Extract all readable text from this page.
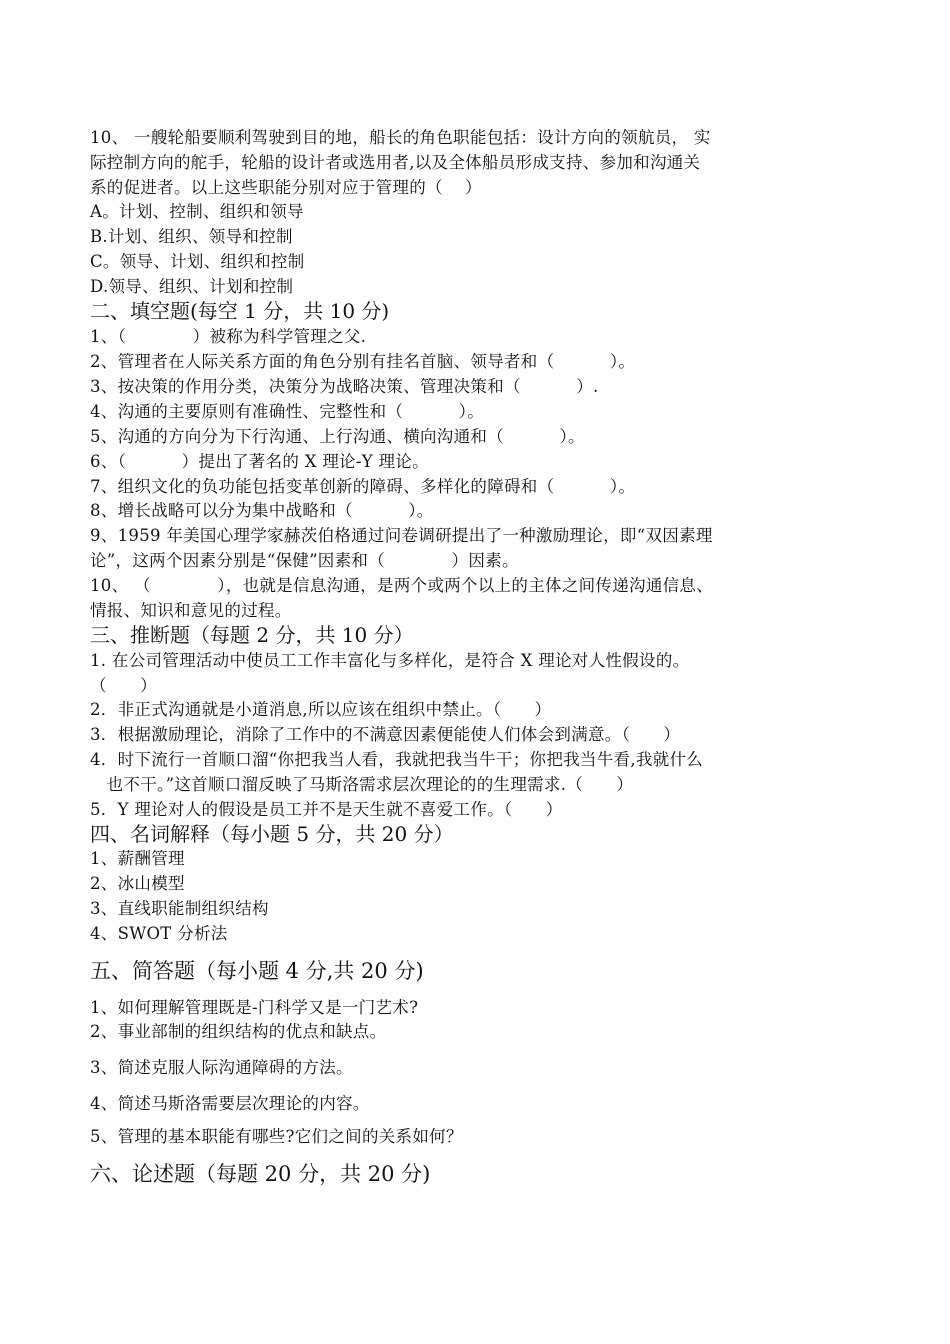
10、 一艘轮船要顺利驾驶到目的地，船长的角色职能包括：设计方向的领航员， 实
际控制方向的舵手，轮船的设计者或选用者,以及全体船员形成支持、参加和沟通关
系的促进者。以上这些职能分别对应于管理的（    ）
A。计划、控制、组织和领导
B.计划、组织、领导和控制
C。领导、计划、组织和控制
D.领导、组织、计划和控制
二、填空题(每空 1 分，共 10 分)
1、（            ）被称为科学管理之父.
2、管理者在人际关系方面的角色分别有挂名首脑、领导者和（          ）。
3、按决策的作用分类，决策分为战略决策、管理决策和（          ）.
4、沟通的主要原则有准确性、完整性和（          ）。
5、沟通的方向分为下行沟通、上行沟通、横向沟通和（          ）。
6、（          ）提出了著名的 X 理论-Y 理论。
7、组织文化的负功能包括变革创新的障碍、多样化的障碍和（          ）。
8、增长战略可以分为集中战略和（          ）。
9、1959 年美国心理学家赫茨伯格通过问卷调研提出了一种激励理论，即“双因素理
论”，这两个因素分别是“保健”因素和（            ）因素。
10、 （            ），也就是信息沟通，是两个或两个以上的主体之间传递沟通信息、
情报、知识和意见的过程。
三、推断题（每题 2 分，共 10 分）
1. 在公司管理活动中使员工工作丰富化与多样化，是符合 X 理论对人性假设的。
（      ）
2．非正式沟通就是小道消息,所以应该在组织中禁止。（      ）
3．根据激励理论，消除了工作中的不满意因素便能使人们体会到满意。（      ）
4．时下流行一首顺口溜“你把我当人看，我就把我当牛干；你把我当牛看,我就什么
也不干。”这首顺口溜反映了马斯洛需求层次理论的的生理需求.（      ）
5．Y 理论对人的假设是员工并不是天生就不喜爱工作。（      ）
四、名词解释（每小题 5 分，共 20 分）
1、薪酬管理
2、冰山模型
3、直线职能制组织结构
4、SWOT 分析法
五、简答题（每小题 4 分,共 20 分)
1、如何理解管理既是-门科学又是一门艺术?
2、事业部制的组织结构的优点和缺点。
3、简述克服人际沟通障碍的方法。
4、简述马斯洛需要层次理论的内容。
5、管理的基本职能有哪些?它们之间的关系如何？
六、论述题（每题 20 分，共 20 分)
